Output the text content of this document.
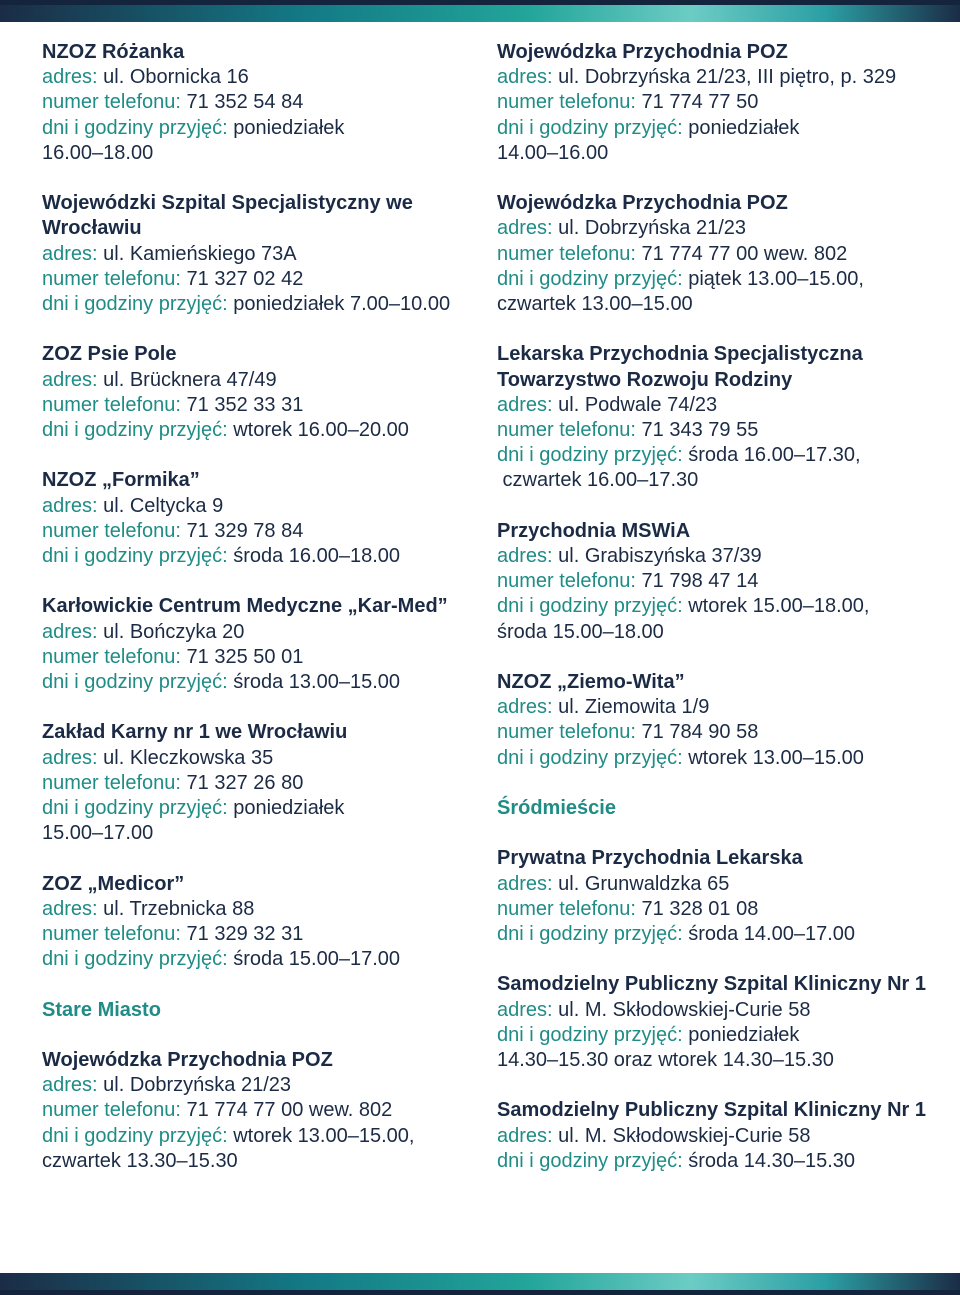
NZOZ Różanka
adres: ul. Obornicka 16
numer telefonu: 71 352 54 84
dni i godziny przyjęć: poniedziałek
16.00–18.00
Wojewódzki Szpital Specjalistyczny we
Wrocławiu
adres: ul. Kamieńskiego 73A
numer telefonu: 71 327 02 42
dni i godziny przyjęć: poniedziałek 7.00–10.00
ZOZ Psie Pole
adres: ul. Brücknera 47/49
numer telefonu: 71 352 33 31
dni i godziny przyjęć: wtorek 16.00–20.00
NZOZ „Formika”
adres: ul. Celtycka 9
numer telefonu: 71 329 78 84
dni i godziny przyjęć: środa 16.00–18.00
Karłowickie Centrum Medyczne „Kar-Med”
adres: ul. Bończyka 20
numer telefonu: 71 325 50 01
dni i godziny przyjęć: środa 13.00–15.00
Zakład Karny nr 1 we Wrocławiu
adres: ul. Kleczkowska 35
numer telefonu: 71 327 26 80
dni i godziny przyjęć: poniedziałek
15.00–17.00
ZOZ „Medicor”
adres: ul. Trzebnicka 88
numer telefonu: 71 329 32 31
dni i godziny przyjęć: środa 15.00–17.00
Stare Miasto
Wojewódzka Przychodnia POZ
adres: ul. Dobrzyńska 21/23
numer telefonu: 71 774 77 00 wew. 802
dni i godziny przyjęć: wtorek 13.00–15.00,
czwartek 13.30–15.30
Wojewódzka Przychodnia POZ
adres: ul. Dobrzyńska 21/23, III piętro, p. 329
numer telefonu: 71 774 77 50
dni i godziny przyjęć: poniedziałek
14.00–16.00
Wojewódzka Przychodnia POZ
adres: ul. Dobrzyńska 21/23
numer telefonu: 71 774 77 00 wew. 802
dni i godziny przyjęć: piątek 13.00–15.00,
czwartek 13.00–15.00
Lekarska Przychodnia Specjalistyczna
Towarzystwo Rozwoju Rodziny
adres: ul. Podwale 74/23
numer telefonu: 71 343 79 55
dni i godziny przyjęć: środa 16.00–17.30,
czwartek 16.00–17.30
Przychodnia MSWiA
adres: ul. Grabiszyńska 37/39
numer telefonu: 71 798 47 14
dni i godziny przyjęć: wtorek 15.00–18.00,
środa 15.00–18.00
NZOZ „Ziemo-Wita”
adres: ul. Ziemowita 1/9
numer telefonu: 71 784 90 58
dni i godziny przyjęć: wtorek 13.00–15.00
Śródmieście
Prywatna Przychodnia Lekarska
adres: ul. Grunwaldzka 65
numer telefonu: 71 328 01 08
dni i godziny przyjęć: środa 14.00–17.00
Samodzielny Publiczny Szpital Kliniczny Nr 1
adres: ul. M. Skłodowskiej-Curie 58
dni i godziny przyjęć: poniedziałek
14.30–15.30 oraz wtorek 14.30–15.30
Samodzielny Publiczny Szpital Kliniczny Nr 1
adres: ul. M. Skłodowskiej-Curie 58
dni i godziny przyjęć: środa 14.30–15.30
